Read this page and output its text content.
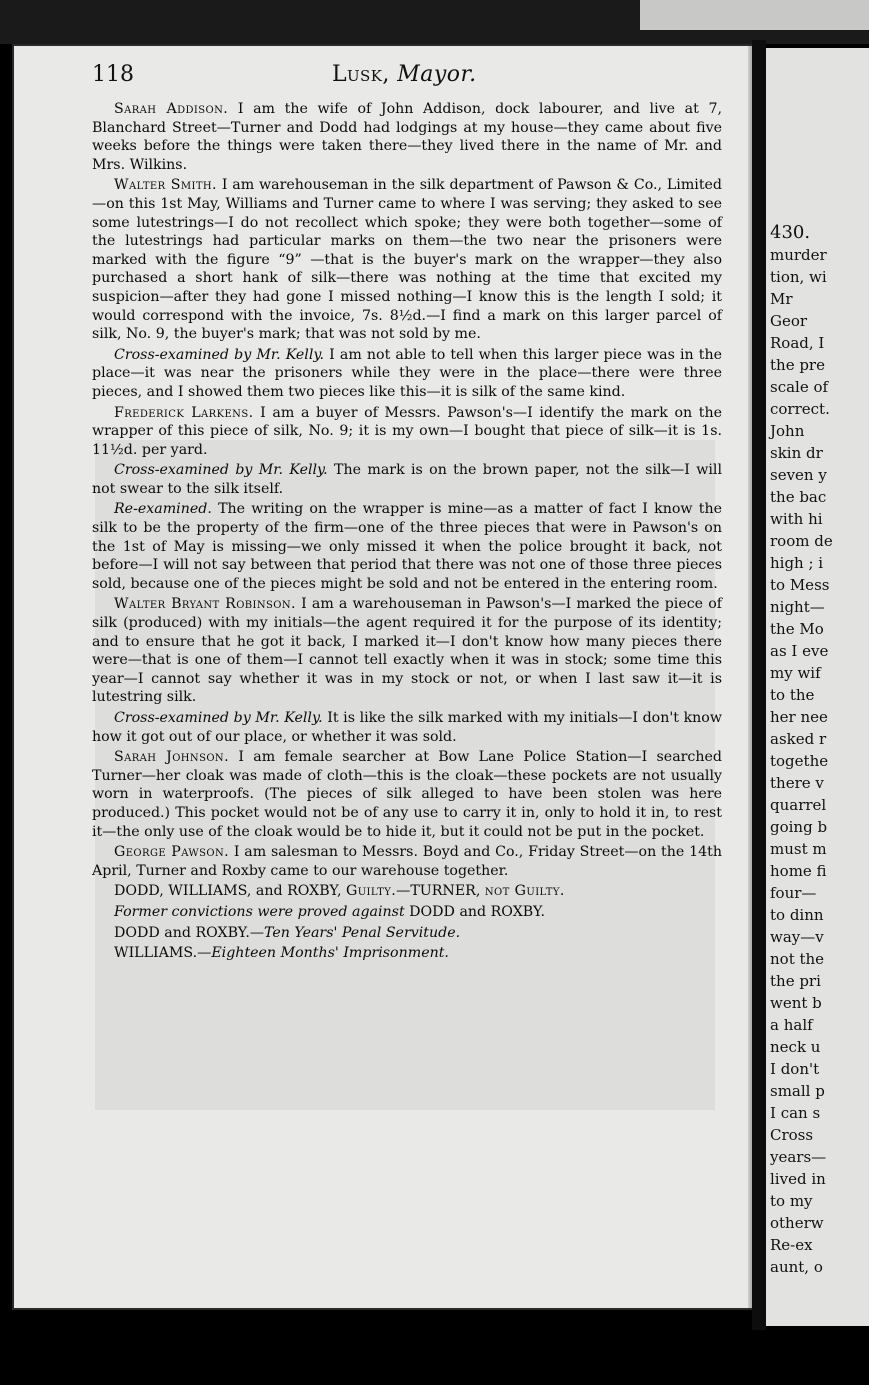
430.
murder
tion, wi
Mr
Geor
Road, I
the pre
scale of
correct.
John
skin dr
seven y
the bac
with hi
room de
high ; i
to Mess
night—
the Mo
as I eve
my wif
to the
her nee
asked r
togethe
there v
quarrel
going b
must m
home fi
four—
to dinn
way—v
not the
the pri
went b
a half
neck u
I don't
small p
I can s
Cross
years—
lived in
to my
otherw
Re-ex
aunt, o
118	Lusk, Mayor.

Sarah Addison. I am the wife of John Addison, dock labourer, and live at 7, Blanchard Street—Turner and Dodd had lodgings at my house—they came about five weeks before the things were taken there—they lived there in the name of Mr. and Mrs. Wilkins.

Walter Smith. I am warehouseman in the silk department of Pawson & Co., Limited—on this 1st May, Williams and Turner came to where I was serving; they asked to see some lutestrings—I do not recollect which spoke; they were both together—some of the lutestrings had particular marks on them—the two near the prisoners were marked with the figure “9” —that is the buyer's mark on the wrapper—they also purchased a short hank of silk—there was nothing at the time that excited my suspicion—after they had gone I missed nothing—I know this is the length I sold; it would correspond with the invoice, 7s. 8½d.—I find a mark on this larger parcel of silk, No. 9, the buyer's mark; that was not sold by me.

Cross-examined by Mr. Kelly. I am not able to tell when this larger piece was in the place—it was near the prisoners while they were in the place—there were three pieces, and I showed them two pieces like this—it is silk of the same kind.

Frederick Larkens. I am a buyer of Messrs. Pawson's—I identify the mark on the wrapper of this piece of silk, No. 9; it is my own—I bought that piece of silk—it is 1s. 11½d. per yard.

Cross-examined by Mr. Kelly. The mark is on the brown paper, not the silk—I will not swear to the silk itself.

Re-examined. The writing on the wrapper is mine—as a matter of fact I know the silk to be the property of the firm—one of the three pieces that were in Pawson's on the 1st of May is missing—we only missed it when the police brought it back, not before—I will not say between that period that there was not one of those three pieces sold, because one of the pieces might be sold and not be entered in the entering room.

Walter Bryant Robinson. I am a warehouseman in Pawson's—I marked the piece of silk (produced) with my initials—the agent required it for the purpose of its identity; and to ensure that he got it back, I marked it—I don't know how many pieces there were—that is one of them—I cannot tell exactly when it was in stock; some time this year—I cannot say whether it was in my stock or not, or when I last saw it—it is lutestring silk.

Cross-examined by Mr. Kelly. It is like the silk marked with my initials—I don't know how it got out of our place, or whether it was sold.

Sarah Johnson. I am female searcher at Bow Lane Police Station—I searched Turner—her cloak was made of cloth—this is the cloak—these pockets are not usually worn in waterproofs. (The pieces of silk alleged to have been stolen was here produced.) This pocket would not be of any use to carry it in, only to hold it in, to rest it—the only use of the cloak would be to hide it, but it could not be put in the pocket.

George Pawson. I am salesman to Messrs. Boyd and Co., Friday Street—on the 14th April, Turner and Roxby came to our warehouse together.

DODD, WILLIAMS, and ROXBY, Guilty.—TURNER, not Guilty.

Former convictions were proved against DODD and ROXBY.

DODD and ROXBY.—Ten Years' Penal Servitude.

WILLIAMS.—Eighteen Months' Imprisonment.
